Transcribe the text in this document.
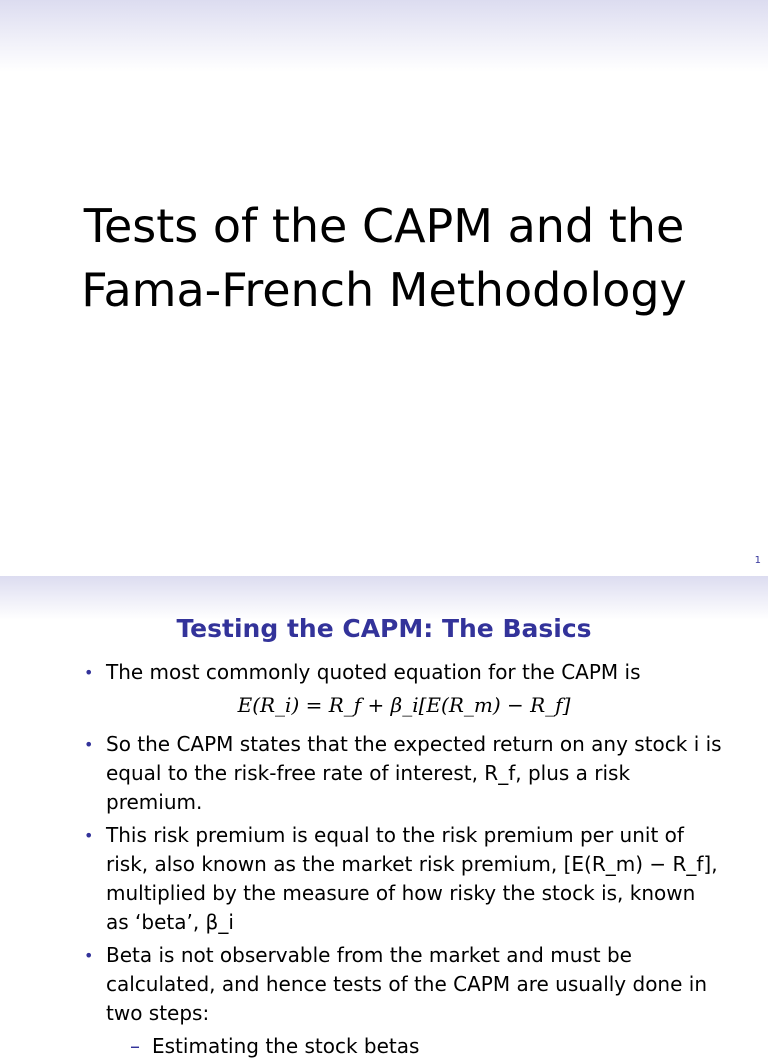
Tests of the CAPM and the
Fama-French Methodology
1
Testing the CAPM: The Basics
• The most commonly quoted equation for the CAPM is
E(R_i) = R_f + β_i[E(R_m) − R_f]
• So the CAPM states that the expected return on any stock i is equal to the risk-free rate of interest, R_f, plus a risk premium.
• This risk premium is equal to the risk premium per unit of risk, also known as the market risk premium, [E(R_m) − R_f], multiplied by the measure of how risky the stock is, known as ‘beta’, β_i
• Beta is not observable from the market and must be calculated, and hence tests of the CAPM are usually done in two steps:
– Estimating the stock betas
